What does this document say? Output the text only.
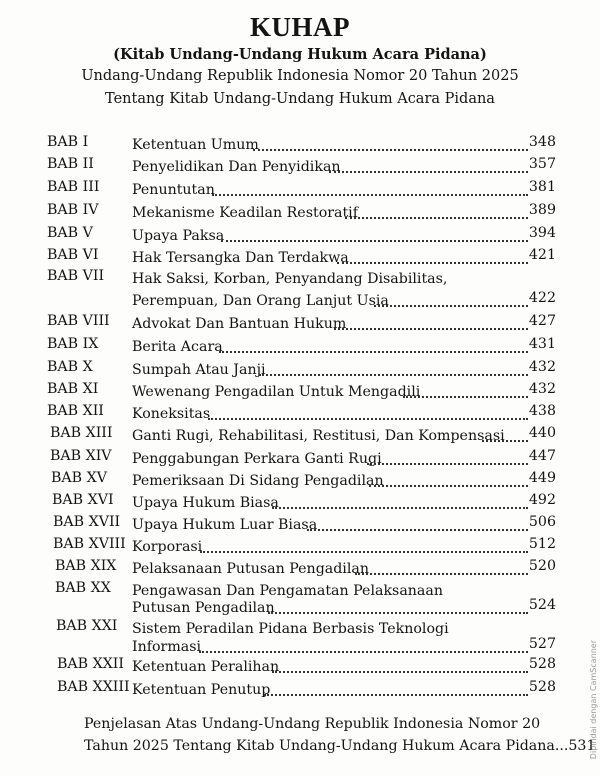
KUHAP
(Kitab Undang-Undang Hukum Acara Pidana)
Undang-Undang Republik Indonesia Nomor 20 Tahun 2025
Tentang Kitab Undang-Undang Hukum Acara Pidana
BAB I	Ketentuan Umum	348
BAB II	Penyelidikan Dan Penyidikan	357
BAB III Penuntutan	381
BAB IV Mekanisme Keadilan Restoratif	389
BAB V	Upaya Paksa	394
BAB VI Hak Tersangka Dan Terdakwa	421
BAB VII Hak Saksi, Korban, Penyandang Disabilitas,
Perempuan, Dan Orang Lanjut Usia	422
BAB VIII Advokat Dan Bantuan Hukum	427
BAB IX Berita Acara	431
BAB X	Sumpah Atau Janji	432
BAB XI Wewenang Pengadilan Untuk Mengadili	432
BAB XII Koneksitas	438
BAB XIII Ganti Rugi, Rehabilitasi, Restitusi, Dan Kompensasi 440
BAB XIV Penggabungan Perkara Ganti Rugi	447
BAB XV Pemeriksaan Di Sidang Pengadilan	449
BAB XVI Upaya Hukum Biasa	492
BAB XVII Upaya Hukum Luar Biasa	506
BAB XVIII Korporasi	512
BAB XIX Pelaksanaan Putusan Pengadilan	520
BAB XX Pengawasan Dan Pengamatan Pelaksanaan
Putusan Pengadilan	524
BAB XXI Sistem Peradilan Pidana Berbasis Teknologi
Informasi	527
BAB XXII Ketentuan Peralihan	528
BAB XXIII Ketentuan Penutup	528
Penjelasan Atas Undang-Undang Republik Indonesia Nomor 20
Tahun 2025 Tentang Kitab Undang-Undang Hukum Acara Pidana...531
Dipindai dengan CamScanner
